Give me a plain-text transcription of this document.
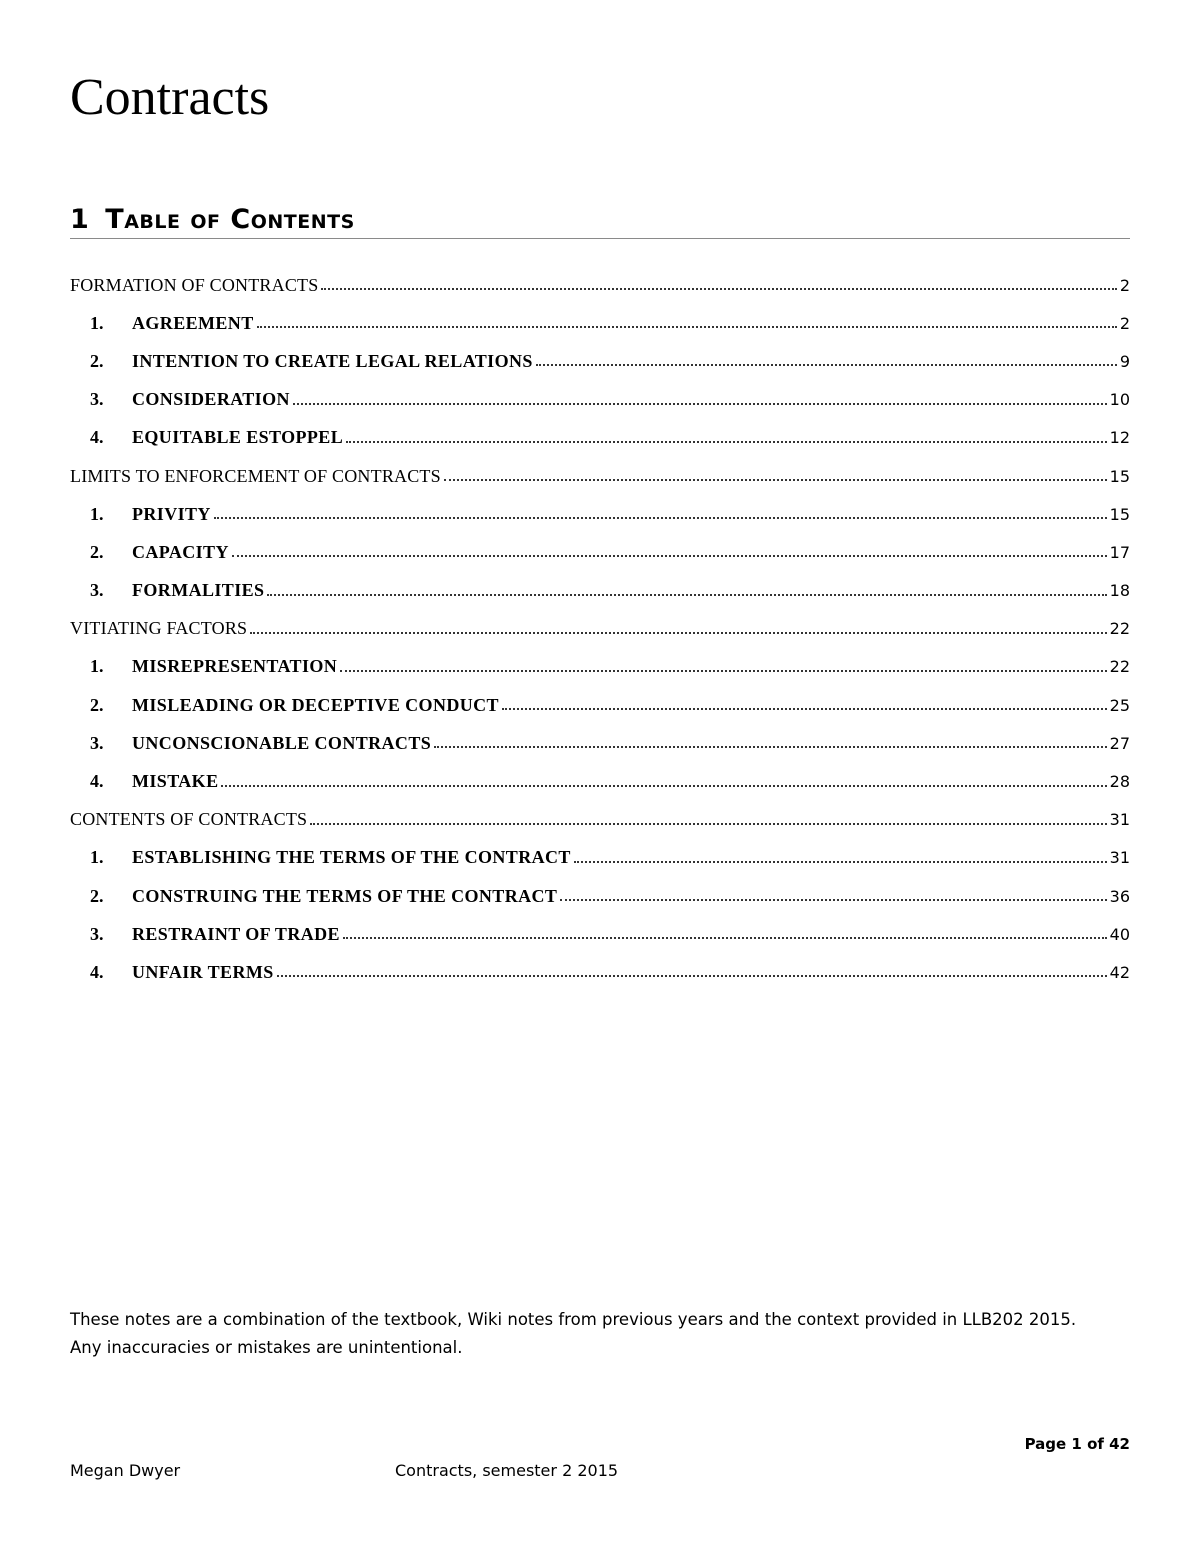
Contracts
1 Table of Contents
FORMATION OF CONTRACTS	2
1.	AGREEMENT	2
2.	INTENTION TO CREATE LEGAL RELATIONS	9
3.	CONSIDERATION	10
4.	EQUITABLE ESTOPPEL	12
LIMITS TO ENFORCEMENT OF CONTRACTS	15
1.	PRIVITY	15
2.	CAPACITY	17
3.	FORMALITIES	18
VITIATING FACTORS	22
1.	MISREPRESENTATION	22
2.	MISLEADING OR DECEPTIVE CONDUCT	25
3.	UNCONSCIONABLE CONTRACTS	27
4.	MISTAKE	28
CONTENTS OF CONTRACTS	31
1.	ESTABLISHING THE TERMS OF THE CONTRACT	31
2.	CONSTRUING THE TERMS OF THE CONTRACT	36
3.	RESTRAINT OF TRADE	40
4.	UNFAIR TERMS	42

These notes are a combination of the textbook, Wiki notes from previous years and the context provided in LLB202 2015.

Any inaccuracies or mistakes are unintentional.

Page 1 of 42
Megan Dwyer	Contracts, semester 2 2015
